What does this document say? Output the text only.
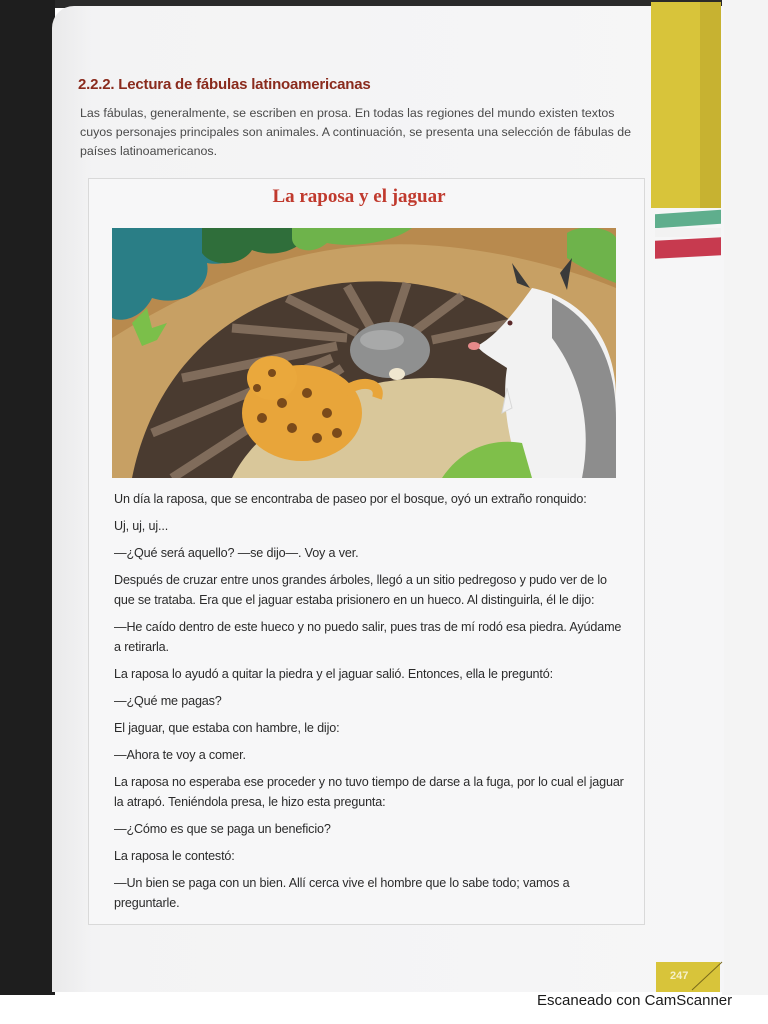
2.2.2. Lectura de fábulas latinoamericanas

Las fábulas, generalmente, se escriben en prosa. En todas las regiones del mundo existen textos cuyos personajes principales son animales. A continuación, se presenta una selección de fábulas de países latinoamericanos.

La raposa y el jaguar

Un día la raposa, que se encontraba de paseo por el bosque, oyó un extraño ronquido:

Uj, uj, uj...

—¿Qué será aquello? —se dijo—. Voy a ver.

Después de cruzar entre unos grandes árboles, llegó a un sitio pedregoso y pudo ver de lo que se trataba. Era que el jaguar estaba prisionero en un hueco. Al distinguirla, él le dijo:

—He caído dentro de este hueco y no puedo salir, pues tras de mí rodó esa piedra. Ayúdame a retirarla.

La raposa lo ayudó a quitar la piedra y el jaguar salió. Entonces, ella le preguntó:

—¿Qué me pagas?

El jaguar, que estaba con hambre, le dijo:

—Ahora te voy a comer.

La raposa no esperaba ese proceder y no tuvo tiempo de darse a la fuga, por lo cual el jaguar la atrapó. Teniéndola presa, le hizo esta pregunta:

—¿Cómo es que se paga un beneficio?

La raposa le contestó:

—Un bien se paga con un bien. Allí cerca vive el hombre que lo sabe todo; vamos a preguntarle.

247

Escaneado con CamScanner
